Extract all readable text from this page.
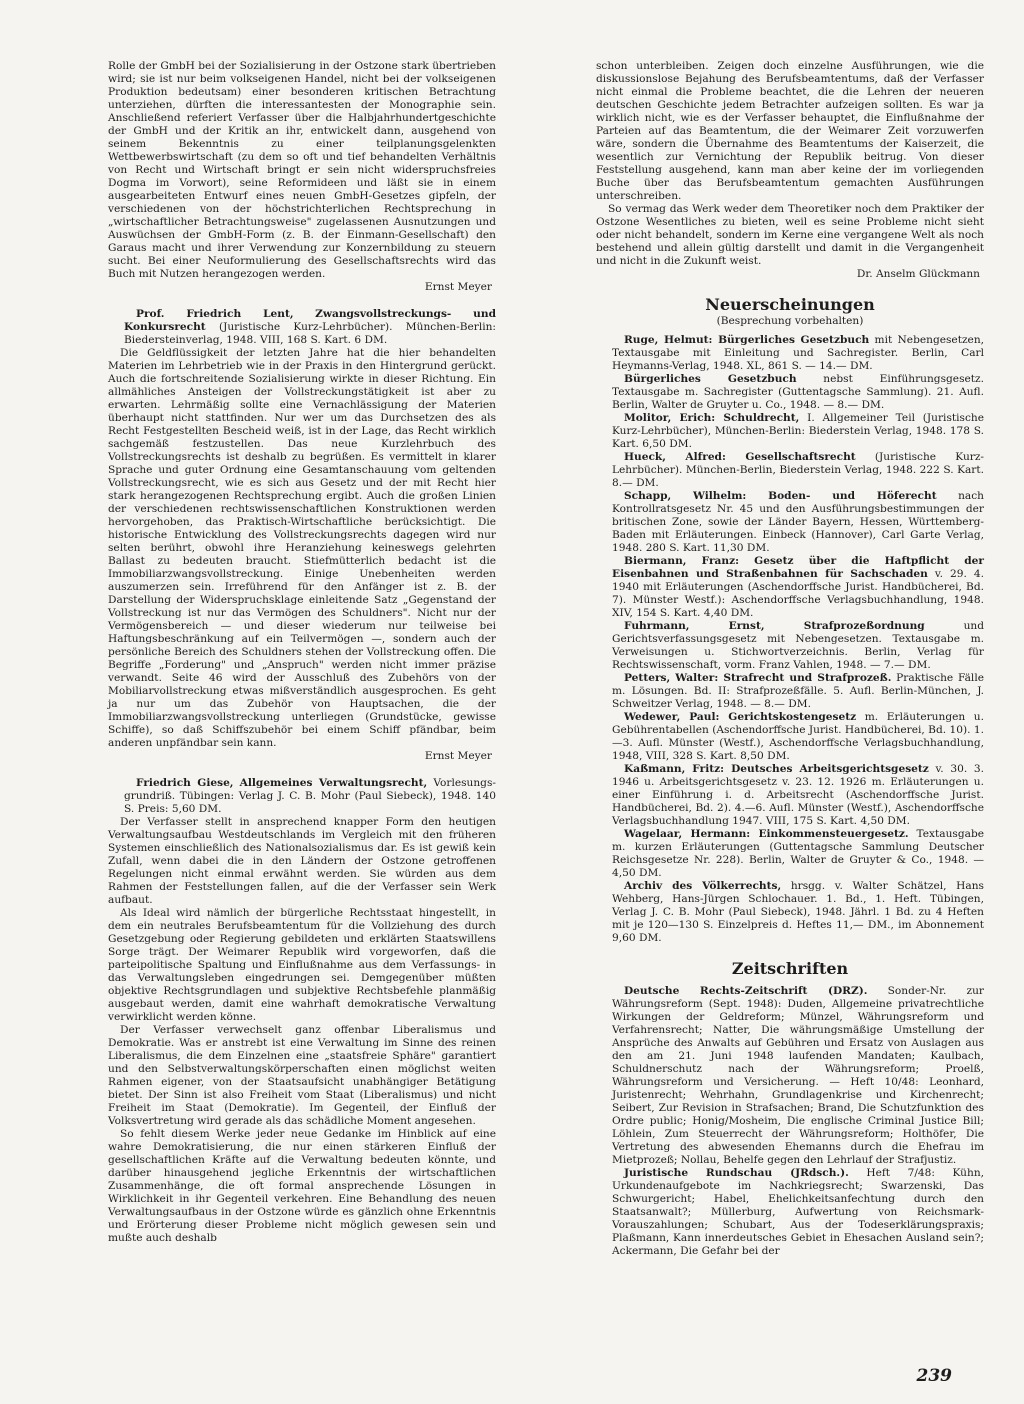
Rolle der GmbH bei der Sozialisierung in der Ostzone stark übertrieben wird; sie ist nur beim volkseigenen Handel, nicht bei der volkseigenen Produktion bedeutsam) einer besonderen kritischen Betrachtung unterziehen, dürften die interessantesten der Monographie sein. Anschließend referiert Verfasser über die Halbjahrhundertgeschichte der GmbH und der Kritik an ihr, entwickelt dann, ausgehend von seinem Bekenntnis zu einer teilplanungsgelenkten Wettbewerbswirtschaft (zu dem so oft und tief behandelten Verhältnis von Recht und Wirtschaft bringt er sein nicht widerspruchsfreies Dogma im Vorwort), seine Reformideen und läßt sie in einem ausgearbeiteten Entwurf eines neuen GmbH-Gesetzes gipfeln, der verschiedenen von der höchstrichterlichen Rechtsprechung in „wirtschaftlicher Betrachtungsweise" zugelassenen Ausnutzungen und Auswüchsen der GmbH-Form (z. B. der Einmann-Gesellschaft) den Garaus macht und ihrer Verwendung zur Konzernbildung zu steuern sucht. Bei einer Neuformulierung des Gesellschaftsrechts wird das Buch mit Nutzen herangezogen werden.

Ernst Meyer

Prof. Friedrich Lent, Zwangsvollstreckungs- und Konkursrecht (Juristische Kurz-Lehrbücher). München-Berlin: Biedersteinverlag, 1948. VIII, 168 S. Kart. 6 DM.

Die Geldflüssigkeit der letzten Jahre hat die hier behandelten Materien im Lehrbetrieb wie in der Praxis in den Hintergrund gerückt. Auch die fortschreitende Sozialisierung wirkte in dieser Richtung. Ein allmähliches Ansteigen der Vollstreckungstätigkeit ist aber zu erwarten. Lehrmäßig sollte eine Vernachlässigung der Materien überhaupt nicht stattfinden. Nur wer um das Durchsetzen des als Recht Festgestellten Bescheid weiß, ist in der Lage, das Recht wirklich sachgemäß festzustellen. Das neue Kurzlehrbuch des Vollstreckungsrechts ist deshalb zu begrüßen. Es vermittelt in klarer Sprache und guter Ordnung eine Gesamtanschauung vom geltenden Vollstreckungsrecht, wie es sich aus Gesetz und der mit Recht hier stark herangezogenen Rechtsprechung ergibt. Auch die großen Linien der verschiedenen rechtswissenschaftlichen Konstruktionen werden hervorgehoben, das Praktisch-Wirtschaftliche berücksichtigt. Die historische Entwicklung des Vollstreckungsrechts dagegen wird nur selten berührt, obwohl ihre Heranziehung keineswegs gelehrten Ballast zu bedeuten braucht. Stiefmütterlich bedacht ist die Immobiliarzwangsvollstreckung. Einige Unebenheiten werden auszumerzen sein. Irreführend für den Anfänger ist z. B. der Darstellung der Widerspruchsklage einleitende Satz „Gegenstand der Vollstreckung ist nur das Vermögen des Schuldners". Nicht nur der Vermögensbereich — und dieser wiederum nur teilweise bei Haftungsbeschränkung auf ein Teilvermögen —, sondern auch der persönliche Bereich des Schuldners stehen der Vollstreckung offen. Die Begriffe „Forderung" und „Anspruch" werden nicht immer präzise verwandt. Seite 46 wird der Ausschluß des Zubehörs von der Mobiliarvollstreckung etwas mißverständlich ausgesprochen. Es geht ja nur um das Zubehör von Hauptsachen, die der Immobiliarzwangsvollstreckung unterliegen (Grundstücke, gewisse Schiffe), so daß Schiffszubehör bei einem Schiff pfändbar, beim anderen unpfändbar sein kann.

Ernst Meyer

Friedrich Giese, Allgemeines Verwaltungsrecht, Vorlesungsgrundriß. Tübingen: Verlag J. C. B. Mohr (Paul Siebeck), 1948. 140 S. Preis: 5,60 DM.

Der Verfasser stellt in ansprechend knapper Form den heutigen Verwaltungsaufbau Westdeutschlands im Vergleich mit den früheren Systemen einschließlich des Nationalsozialismus dar. Es ist gewiß kein Zufall, wenn dabei die in den Ländern der Ostzone getroffenen Regelungen nicht einmal erwähnt werden. Sie würden aus dem Rahmen der Feststellungen fallen, auf die der Verfasser sein Werk aufbaut.

Als Ideal wird nämlich der bürgerliche Rechtsstaat hingestellt, in dem ein neutrales Berufsbeamtentum für die Vollziehung des durch Gesetzgebung oder Regierung gebildeten und erklärten Staatswillens Sorge trägt. Der Weimarer Republik wird vorgeworfen, daß die parteipolitische Spaltung und Einflußnahme aus dem Verfassungs- in das Verwaltungsleben eingedrungen sei. Demgegenüber müßten objektive Rechtsgrundlagen und subjektive Rechtsbefehle planmäßig ausgebaut werden, damit eine wahrhaft demokratische Verwaltung verwirklicht werden könne.

Der Verfasser verwechselt ganz offenbar Liberalismus und Demokratie. Was er anstrebt ist eine Verwaltung im Sinne des reinen Liberalismus, die dem Einzelnen eine „staatsfreie Sphäre" garantiert und den Selbstverwaltungskörperschaften einen möglichst weiten Rahmen eigener, von der Staatsaufsicht unabhängiger Betätigung bietet. Der Sinn ist also Freiheit vom Staat (Liberalismus) und nicht Freiheit im Staat (Demokratie). Im Gegenteil, der Einfluß der Volksvertretung wird gerade als das schädliche Moment angesehen.

So fehlt diesem Werke jeder neue Gedanke im Hinblick auf eine wahre Demokratisierung, die nur einen stärkeren Einfluß der gesellschaftlichen Kräfte auf die Verwaltung bedeuten könnte, und darüber hinausgehend jegliche Erkenntnis der wirtschaftlichen Zusammenhänge, die oft formal ansprechende Lösungen in Wirklichkeit in ihr Gegenteil verkehren. Eine Behandlung des neuen Verwaltungsaufbaus in der Ostzone würde es gänzlich ohne Erkenntnis und Erörterung dieser Probleme nicht möglich gewesen sein und mußte auch deshalb

schon unterbleiben. Zeigen doch einzelne Ausführungen, wie die diskussionslose Bejahung des Berufsbeamtentums, daß der Verfasser nicht einmal die Probleme beachtet, die die Lehren der neueren deutschen Geschichte jedem Betrachter aufzeigen sollten. Es war ja wirklich nicht, wie es der Verfasser behauptet, die Einflußnahme der Parteien auf das Beamtentum, die der Weimarer Zeit vorzuwerfen wäre, sondern die Übernahme des Beamtentums der Kaiserzeit, die wesentlich zur Vernichtung der Republik beitrug. Von dieser Feststellung ausgehend, kann man aber keine der im vorliegenden Buche über das Berufsbeamtentum gemachten Ausführungen unterschreiben.

So vermag das Werk weder dem Theoretiker noch dem Praktiker der Ostzone Wesentliches zu bieten, weil es seine Probleme nicht sieht oder nicht behandelt, sondern im Kerne eine vergangene Welt als noch bestehend und allein gültig darstellt und damit in die Vergangenheit und nicht in die Zukunft weist.

Dr. Anselm Glückmann
Neuerscheinungen
(Besprechung vorbehalten)

Ruge, Helmut: Bürgerliches Gesetzbuch mit Nebengesetzen, Textausgabe mit Einleitung und Sachregister. Berlin, Carl Heymanns-Verlag, 1948. XL, 861 S. — 14.— DM.

Bürgerliches Gesetzbuch	nebst Einführungsgesetz. Textausgabe m. Sachregister (Guttentagsche Sammlung). 21. Aufl. Berlin, Walter de Gruyter u. Co., 1948. — 8.— DM.

Molitor, Erich: Schuldrecht, I. Allgemeiner Teil (Juristische Kurz-Lehrbücher), München-Berlin: Biederstein Verlag, 1948. 178 S. Kart. 6,50 DM.

Hueck, Alfred: Gesellschaftsrecht (Juristische Kurz-Lehrbücher). München-Berlin, Biederstein Verlag, 1948. 222 S. Kart. 8.— DM.

Schapp, Wilhelm: Boden- und Höferecht nach Kontrollratsgesetz Nr. 45 und den Ausführungsbestimmungen der britischen Zone, sowie der Länder Bayern, Hessen, Württemberg-Baden mit Erläuterungen. Einbeck (Hannover), Carl Garte Verlag, 1948. 280 S. Kart. 11,30 DM.

Biermann, Franz: Gesetz über die Haftpflicht der Eisenbahnen und Straßenbahnen für Sachschaden v. 29. 4. 1940 mit Erläuterungen (Aschendorffsche Jurist. Handbücherei, Bd. 7). Münster Westf.): Aschendorffsche Verlagsbuchhandlung, 1948. XIV, 154 S. Kart. 4,40 DM.

Fuhrmann, Ernst, Strafprozeßordnung	und Gerichtsverfassungsgesetz mit Nebengesetzen. Textausgabe m. Verweisungen u. Stichwortverzeichnis. Berlin, Verlag für Rechtswissenschaft, vorm. Franz Vahlen, 1948. — 7.— DM.

Petters, Walter: Strafrecht und Strafprozeß. Praktische Fälle m. Lösungen. Bd. II: Strafprozeßfälle. 5. Aufl. Berlin-München, J. Schweitzer Verlag, 1948. — 8.— DM.

Wedewer, Paul: Gerichtskostengesetz m. Erläuterungen u. Gebührentabellen (Aschendorffsche Jurist. Handbücherei, Bd. 10). 1.—3. Aufl. Münster (Westf.), Aschendorffsche Verlagsbuchhandlung, 1948, VIII, 328 S. Kart. 8,50 DM.

Kaßmann, Fritz: Deutsches Arbeitsgerichtsgesetz v. 30. 3. 1946 u. Arbeitsgerichtsgesetz v. 23. 12. 1926 m. Erläuterungen u. einer Einführung i. d. Arbeitsrecht (Aschendorffsche Jurist. Handbücherei, Bd. 2). 4.—6. Aufl. Münster (Westf.), Aschendorffsche Verlagsbuchhandlung 1947. VIII, 175 S. Kart. 4,50 DM.

Wagelaar, Hermann: Einkommensteuergesetz. Textausgabe m. kurzen Erläuterungen (Guttentagsche Sammlung Deutscher Reichsgesetze Nr. 228). Berlin, Walter de Gruyter & Co., 1948. — 4,50 DM.

Archiv des Völkerrechts, hrsgg. v. Walter Schätzel, Hans Wehberg, Hans-Jürgen Schlochauer. 1. Bd., 1. Heft. Tübingen, Verlag J. C. B. Mohr (Paul Siebeck), 1948. Jährl. 1 Bd. zu 4 Heften mit je 120—130 S. Einzelpreis d. Heftes 11,— DM., im Abonnement 9,60 DM.

Zeitschriften

Deutsche Rechts-Zeitschrift (DRZ). Sonder-Nr. zur Währungsreform (Sept. 1948): Duden, Allgemeine privatrechtliche Wirkungen der Geldreform; Münzel, Währungsreform und Verfahrensrecht; Natter, Die währungsmäßige Umstellung der Ansprüche des Anwalts auf Gebühren und Ersatz von Auslagen aus den am 21. Juni 1948 laufenden Mandaten; Kaulbach, Schuldnerschutz nach der Währungsreform; Proelß, Währungsreform und Versicherung. — Heft 10/48: Leonhard, Juristenrecht; Wehrhahn, Grundlagenkrise und Kirchenrecht; Seibert, Zur Revision in Strafsachen; Brand, Die Schutzfunktion des Ordre public; Honig/Mosheim, Die englische Criminal Justice Bill; Löhlein, Zum Steuerrecht der Währungsreform; Holthöfer, Die Vertretung des abwesenden Ehemanns durch die Ehefrau im Mietprozeß; Nollau, Behelfe gegen den Lehrlauf der Strafjustiz.

Juristische Rundschau (JRdsch.). Heft 7/48: Kühn, Urkundenaufgebote im Nachkriegsrecht; Swarzenski, Das Schwurgericht; Habel, Ehelichkeitsanfechtung durch den Staatsanwalt?; Müllerburg, Aufwertung von Reichsmark-Vorauszahlungen; Schubart, Aus der Todeserklärungspraxis; Plaßmann, Kann innerdeutsches Gebiet in Ehesachen Ausland sein?; Ackermann, Die Gefahr bei der

239
